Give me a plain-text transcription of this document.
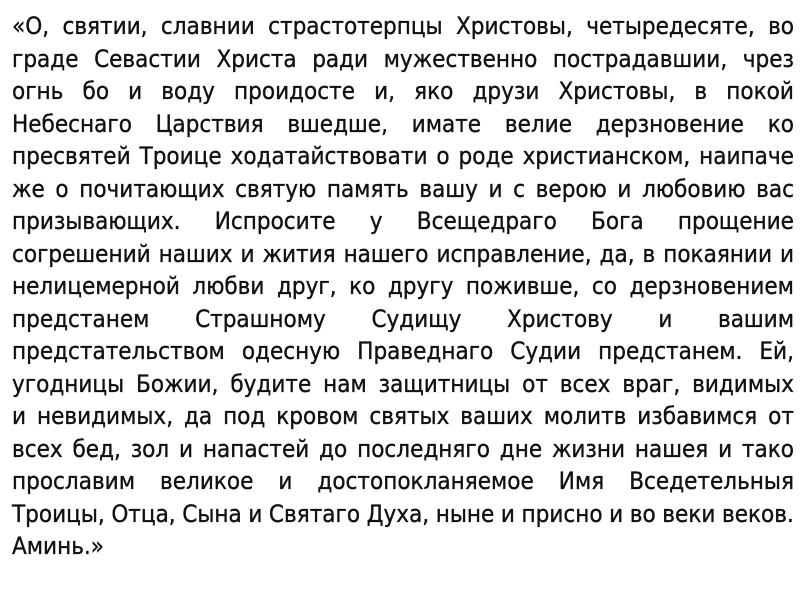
«О, святии, славнии страстотерпцы Христовы, четыредесяте, во
граде Севастии Христа ради мужественно пострадавшии, чрез
огнь бо и воду проидосте и, яко друзи Христовы, в покой
Небеснаго Царствия вшедше, имате велие дерзновение ко
пресвятей Троице ходатайствовати о роде христианском, наипаче
же о почитающих святую память вашу и с верою и любовию вас
призывающих. Испросите у Всещедраго Бога прощение
согрешений наших и жития нашего исправление, да, в покаянии и
нелицемерной любви друг, ко другу поживше, со дерзновением
предстанем Страшному Судищу Христову и вашим
предстательством одесную Праведнаго Судии предстанем. Ей,
угодницы Божии, будите нам защитницы от всех враг, видимых
и невидимых, да под кровом святых ваших молитв избавимся от
всех бед, зол и напастей до последняго дне жизни нашея и тако
прославим великое и достопокланяемое Имя Вседетельныя
Троицы, Отца, Сына и Святаго Духа, ныне и присно и во веки веков.
Аминь.»
